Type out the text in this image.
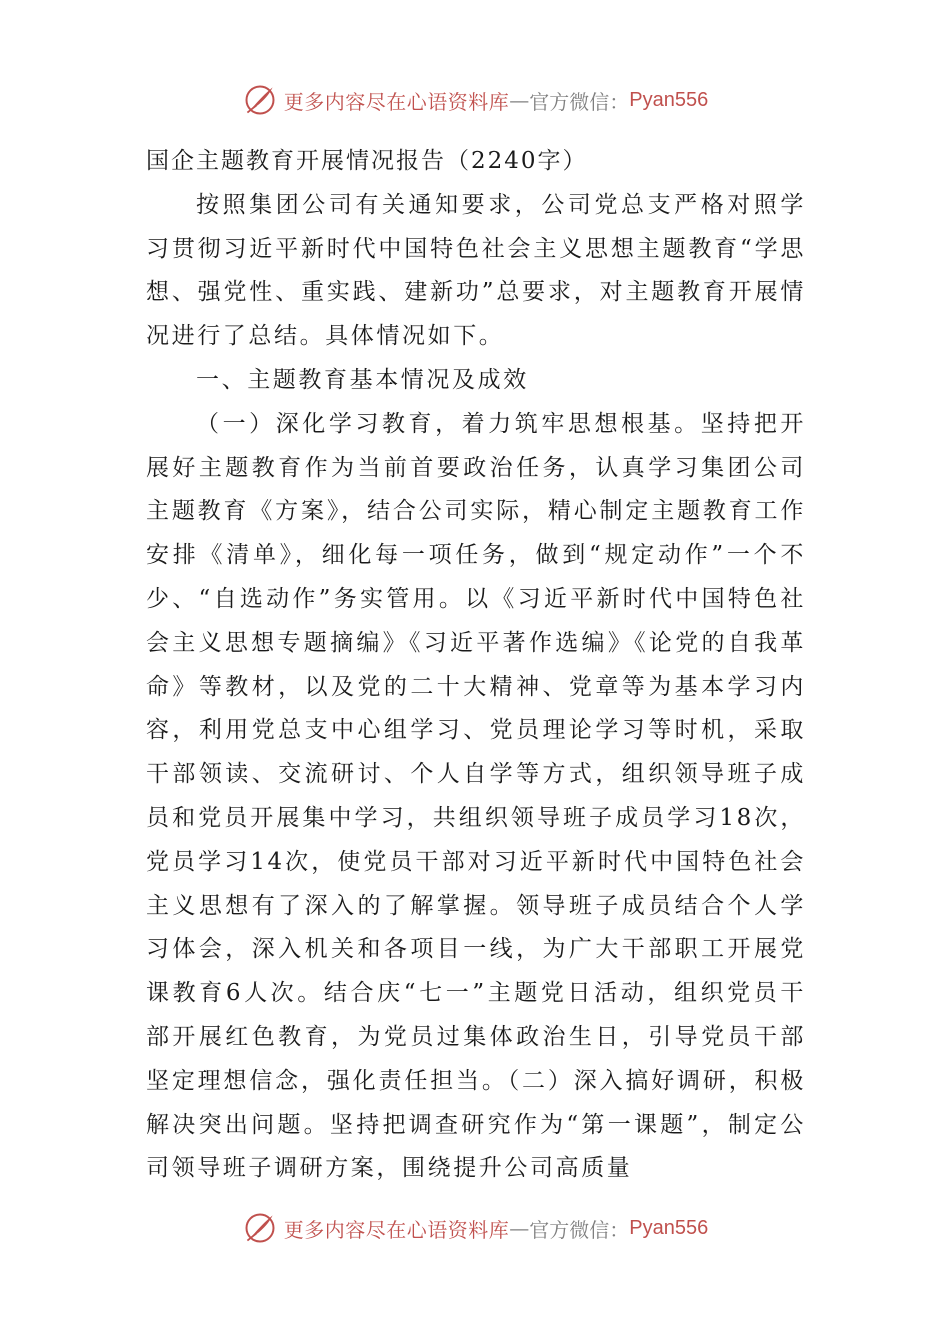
更多内容尽在心语资料库 — 官方微信： Pyan556

国企主题教育开展情况报告（2240字）

按照集团公司有关通知要求，公司党总支严格对照学习贯彻习近平新时代中国特色社会主义思想主题教育“学思想、强党性、重实践、建新功”总要求，对主题教育开展情况进行了总结。具体情况如下。

一、主题教育基本情况及成效

（一）深化学习教育，着力筑牢思想根基。坚持把开展好主题教育作为当前首要政治任务，认真学习集团公司主题教育《方案》，结合公司实际，精心制定主题教育工作安排《清单》，细化每一项任务，做到“规定动作”一个不少、“自选动作”务实管用。以《习近平新时代中国特色社会主义思想专题摘编》《习近平著作选编》《论党的自我革命》等教材，以及党的二十大精神、党章等为基本学习内容，利用党总支中心组学习、党员理论学习等时机，采取干部领读、交流研讨、个人自学等方式，组织领导班子成员和党员开展集中学习，共组织领导班子成员学习18次，党员学习14次，使党员干部对习近平新时代中国特色社会主义思想有了深入的了解掌握。领导班子成员结合个人学习体会，深入机关和各项目一线，为广大干部职工开展党课教育6人次。结合庆“七一”主题党日活动，组织党员干部开展红色教育，为党员过集体政治生日，引导党员干部坚定理想信念，强化责任担当。（二）深入搞好调研，积极解决突出问题。坚持把调查研究作为“第一课题”，制定公司领导班子调研方案，围绕提升公司高质量

更多内容尽在心语资料库 — 官方微信： Pyan556
